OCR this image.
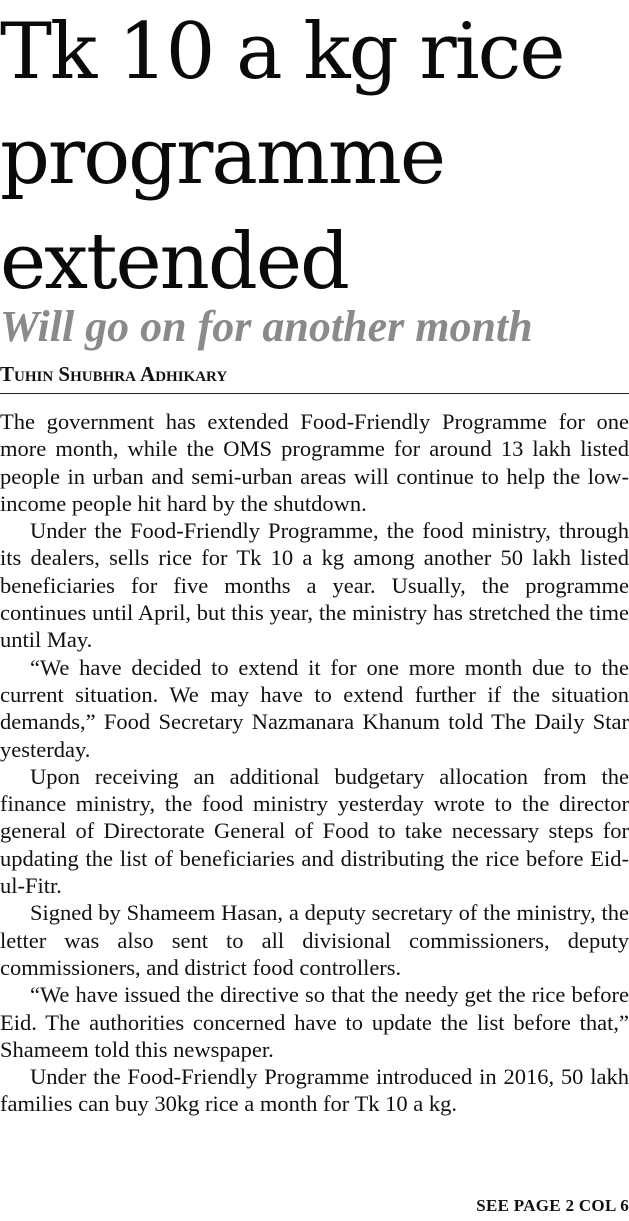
Tk 10 a kg rice
programme
extended
Will go on for another month
Tuhin Shubhra Adhikary

The government has extended Food-Friendly Programme for one more month, while the OMS programme for around 13 lakh listed people in urban and semi-urban areas will continue to help the low-income people hit hard by the shutdown.

Under the Food-Friendly Programme, the food ministry, through its dealers, sells rice for Tk 10 a kg among another 50 lakh listed beneficiaries for five months a year. Usually, the programme continues until April, but this year, the ministry has stretched the time until May.

“We have decided to extend it for one more month due to the current situation. We may have to extend further if the situation demands,” Food Secretary Nazmanara Khanum told The Daily Star yesterday.

Upon receiving an additional budgetary allocation from the finance ministry, the food ministry yesterday wrote to the director general of Directorate General of Food to take necessary steps for updating the list of beneficiaries and distributing the rice before Eid-ul-Fitr.

Signed by Shameem Hasan, a deputy secretary of the ministry, the letter was also sent to all divisional commissioners, deputy commissioners, and district food controllers.

“We have issued the directive so that the needy get the rice before Eid. The authorities concerned have to update the list before that,” Shameem told this newspaper.

Under the Food-Friendly Programme introduced in 2016, 50 lakh families can buy 30kg rice a month for Tk 10 a kg.

SEE PAGE 2 COL 6
